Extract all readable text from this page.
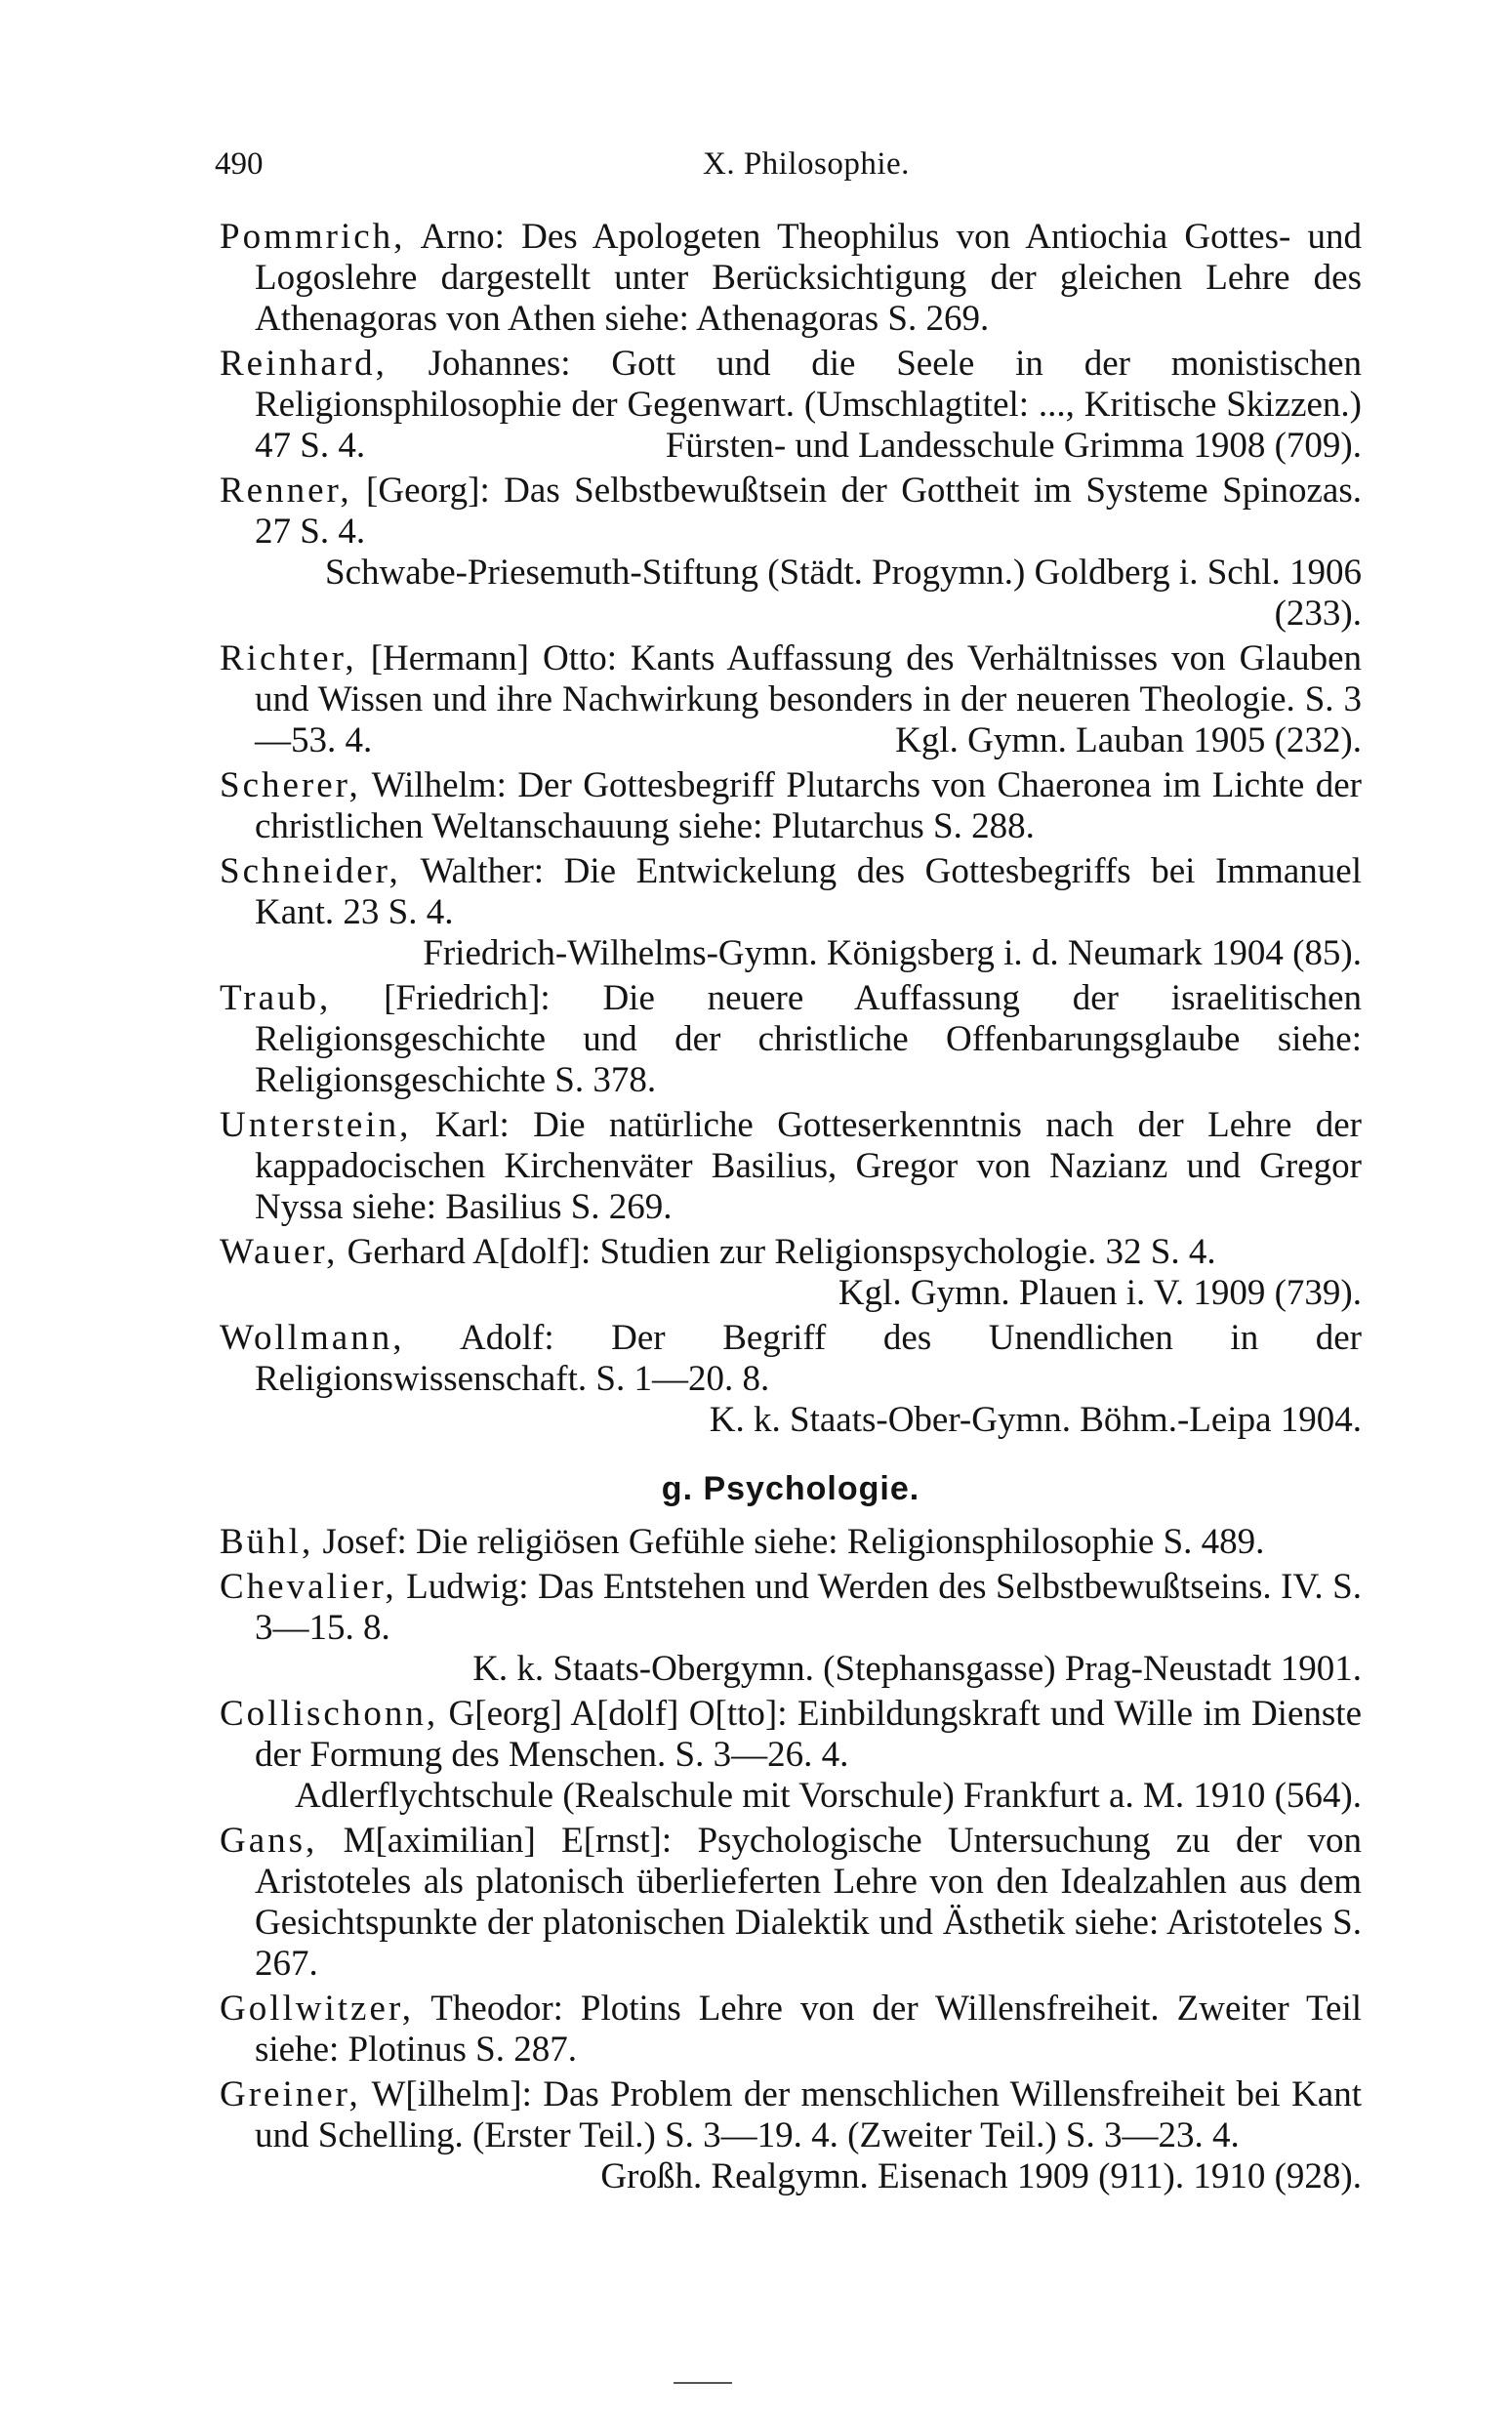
490	X. Philosophie.

Pommrich, Arno: Des Apologeten Theophilus von Antiochia Gottes- und Logoslehre dargestellt unter Berücksichtigung der gleichen Lehre des Athenagoras von Athen siehe: Athenagoras S. 269.

Reinhard, Johannes: Gott und die Seele in der monistischen Religionsphilosophie der Gegenwart. (Umschlagtitel: ..., Kritische Skizzen.) 47 S. 4.	Fürsten- und Landesschule Grimma 1908 (709).

Renner, [Georg]: Das Selbstbewußtsein der Gottheit im Systeme Spinozas. 27 S. 4.
Schwabe-Priesemuth-Stiftung (Städt. Progymn.) Goldberg i. Schl. 1906 (233).

Richter, [Hermann] Otto: Kants Auffassung des Verhältnisses von Glauben und Wissen und ihre Nachwirkung besonders in der neueren Theologie. S. 3—53. 4.	Kgl. Gymn. Lauban 1905 (232).

Scherer, Wilhelm: Der Gottesbegriff Plutarchs von Chaeronea im Lichte der christlichen Weltanschauung siehe: Plutarchus S. 288.

Schneider, Walther: Die Entwickelung des Gottesbegriffs bei Immanuel Kant. 23 S. 4.
Friedrich-Wilhelms-Gymn. Königsberg i. d. Neumark 1904 (85).

Traub, [Friedrich]: Die neuere Auffassung der israelitischen Religionsgeschichte und der christliche Offenbarungsglaube siehe: Religionsgeschichte S. 378.

Unterstein, Karl: Die natürliche Gotteserkenntnis nach der Lehre der kappadocischen Kirchenväter Basilius, Gregor von Nazianz und Gregor Nyssa siehe: Basilius S. 269.

Wauer, Gerhard A[dolf]: Studien zur Religionspsychologie. 32 S. 4.
Kgl. Gymn. Plauen i. V. 1909 (739).

Wollmann, Adolf: Der Begriff des Unendlichen in der Religionswissenschaft. S. 1—20. 8.
K. k. Staats-Ober-Gymn. Böhm.-Leipa 1904.

g. Psychologie.

Bühl, Josef: Die religiösen Gefühle siehe: Religionsphilosophie S. 489.

Chevalier, Ludwig: Das Entstehen und Werden des Selbstbewußtseins. IV. S. 3—15. 8.
K. k. Staats-Obergymn. (Stephansgasse) Prag-Neustadt 1901.

Collischonn, G[eorg] A[dolf] O[tto]: Einbildungskraft und Wille im Dienste der Formung des Menschen. S. 3—26. 4.
Adlerflychtschule (Realschule mit Vorschule) Frankfurt a. M. 1910 (564).

Gans, M[aximilian] E[rnst]: Psychologische Untersuchung zu der von Aristoteles als platonisch überlieferten Lehre von den Idealzahlen aus dem Gesichtspunkte der platonischen Dialektik und Ästhetik siehe: Aristoteles S. 267.

Gollwitzer, Theodor: Plotins Lehre von der Willensfreiheit. Zweiter Teil siehe: Plotinus S. 287.

Greiner, W[ilhelm]: Das Problem der menschlichen Willensfreiheit bei Kant und Schelling. (Erster Teil.) S. 3—19. 4. (Zweiter Teil.) S. 3—23. 4.
Großh. Realgymn. Eisenach 1909 (911). 1910 (928).
